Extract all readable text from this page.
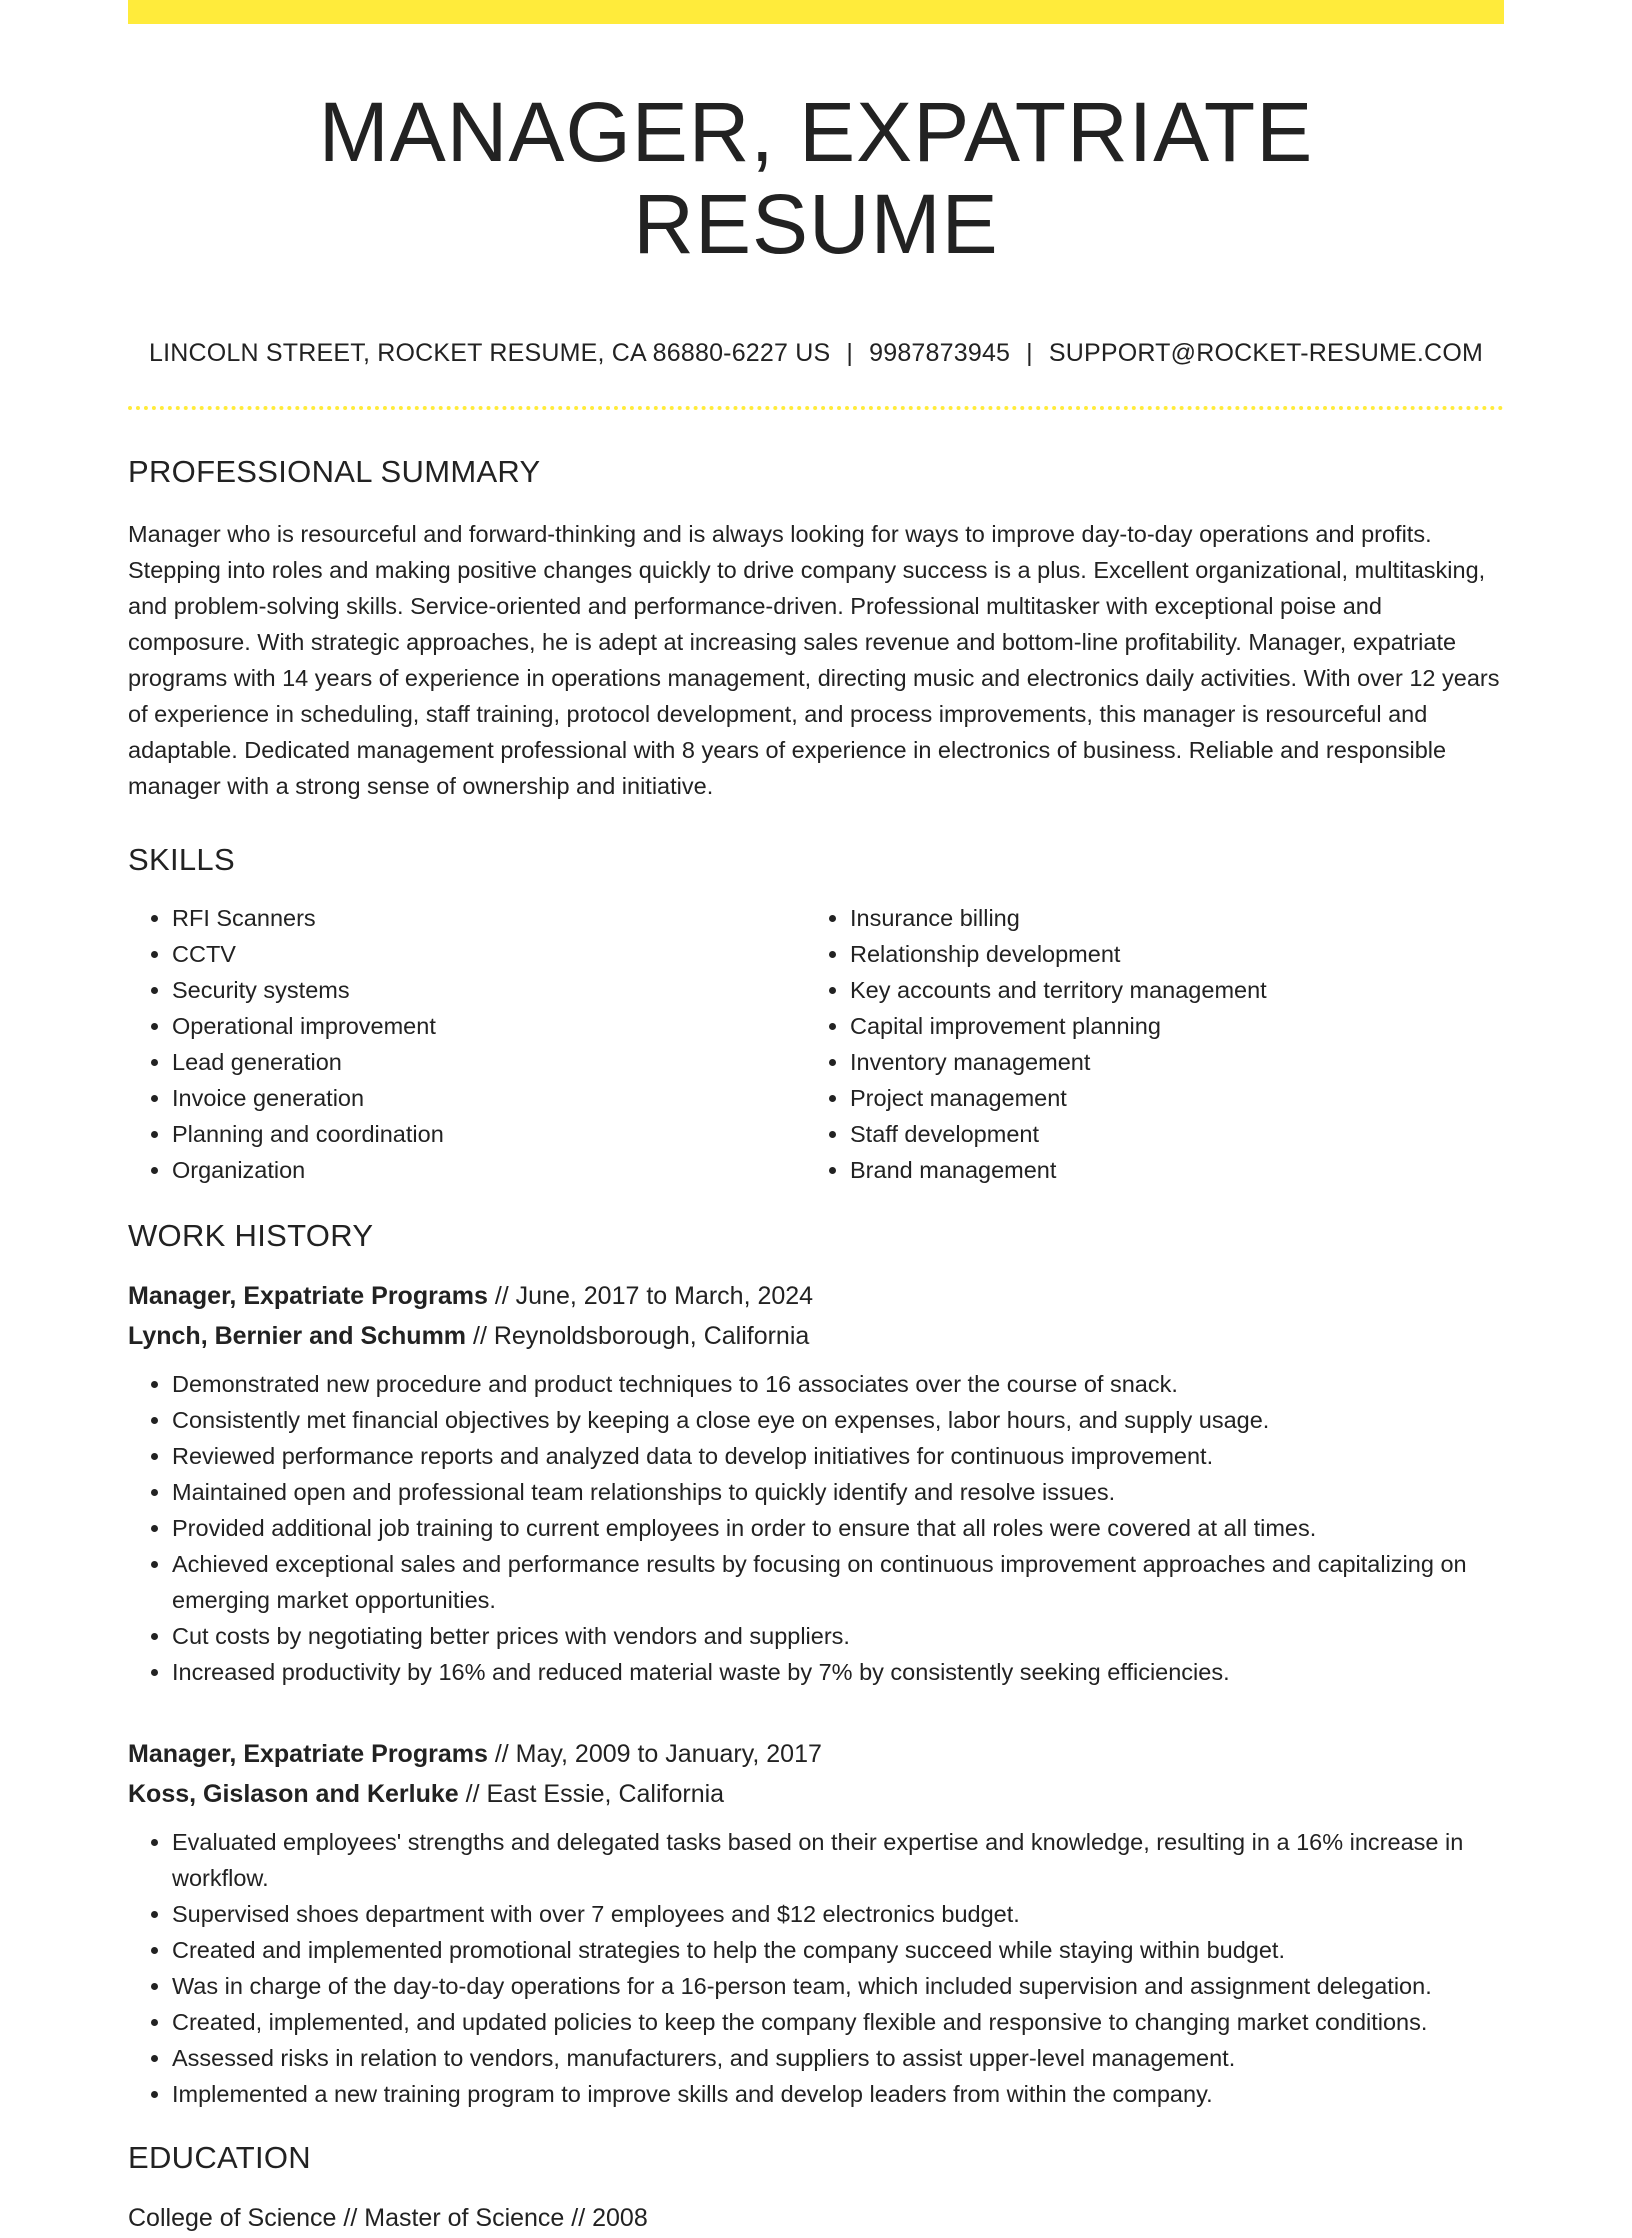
MANAGER, EXPATRIATE RESUME
LINCOLN STREET, ROCKET RESUME, CA 86880-6227 US | 9987873945 | SUPPORT@ROCKET-RESUME.COM
PROFESSIONAL SUMMARY

Manager who is resourceful and forward-thinking and is always looking for ways to improve day-to-day operations and profits. Stepping into roles and making positive changes quickly to drive company success is a plus. Excellent organizational, multitasking, and problem-solving skills. Service-oriented and performance-driven. Professional multitasker with exceptional poise and composure. With strategic approaches, he is adept at increasing sales revenue and bottom-line profitability. Manager, expatriate programs with 14 years of experience in operations management, directing music and electronics daily activities. With over 12 years of experience in scheduling, staff training, protocol development, and process improvements, this manager is resourceful and adaptable. Dedicated management professional with 8 years of experience in electronics of business. Reliable and responsible manager with a strong sense of ownership and initiative.

SKILLS
• RFI Scanners
• CCTV
• Security systems
• Operational improvement
• Lead generation
• Invoice generation
• Planning and coordination
• Organization
• Insurance billing
• Relationship development
• Key accounts and territory management
• Capital improvement planning
• Inventory management
• Project management
• Staff development
• Brand management
WORK HISTORY
Manager, Expatriate Programs // June, 2017 to March, 2024
Lynch, Bernier and Schumm // Reynoldsborough, California
• Demonstrated new procedure and product techniques to 16 associates over the course of snack.
• Consistently met financial objectives by keeping a close eye on expenses, labor hours, and supply usage.
• Reviewed performance reports and analyzed data to develop initiatives for continuous improvement.
• Maintained open and professional team relationships to quickly identify and resolve issues.
• Provided additional job training to current employees in order to ensure that all roles were covered at all times.
• Achieved exceptional sales and performance results by focusing on continuous improvement approaches and capitalizing on emerging market opportunities.
• Cut costs by negotiating better prices with vendors and suppliers.
• Increased productivity by 16% and reduced material waste by 7% by consistently seeking efficiencies.
Manager, Expatriate Programs // May, 2009 to January, 2017
Koss, Gislason and Kerluke // East Essie, California
• Evaluated employees' strengths and delegated tasks based on their expertise and knowledge, resulting in a 16% increase in workflow.
• Supervised shoes department with over 7 employees and $12 electronics budget.
• Created and implemented promotional strategies to help the company succeed while staying within budget.
• Was in charge of the day-to-day operations for a 16-person team, which included supervision and assignment delegation.
• Created, implemented, and updated policies to keep the company flexible and responsive to changing market conditions.
• Assessed risks in relation to vendors, manufacturers, and suppliers to assist upper-level management.
• Implemented a new training program to improve skills and develop leaders from within the company.
EDUCATION
College of Science // Master of Science // 2008
